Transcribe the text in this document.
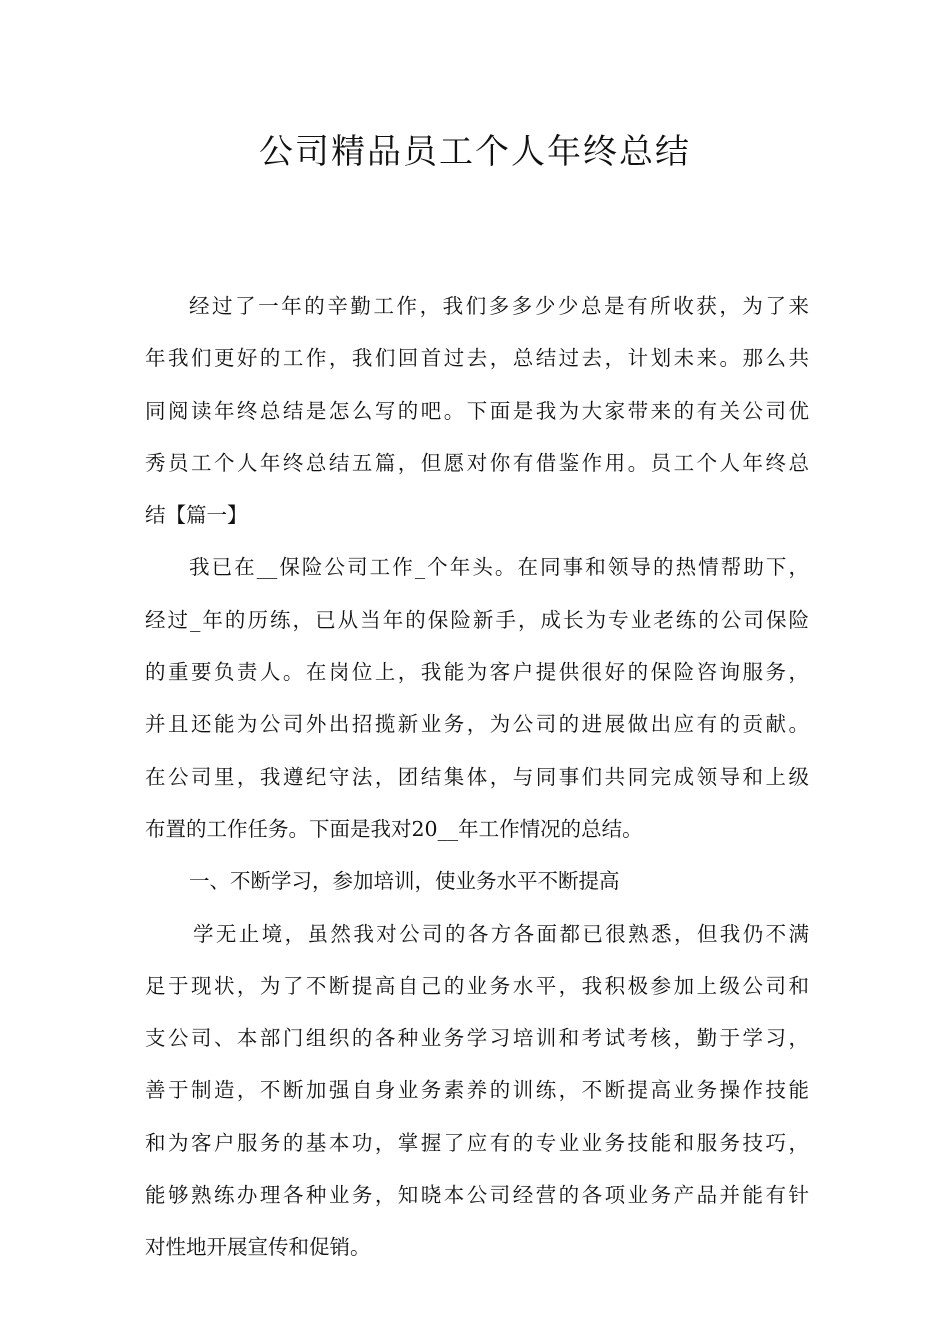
公司精品员工个人年终总结
经过了一年的辛勤工作，我们多多少少总是有所收获，为了来
年我们更好的工作，我们回首过去，总结过去，计划未来。那么共
同阅读年终总结是怎么写的吧。下面是我为大家带来的有关公司优
秀员工个人年终总结五篇，但愿对你有借鉴作用。员工个人年终总
结【篇一】
我已在__保险公司工作_个年头。在同事和领导的热情帮助下，
经过_年的历练，已从当年的保险新手，成长为专业老练的公司保险
的重要负责人。在岗位上，我能为客户提供很好的保险咨询服务，
并且还能为公司外出招揽新业务，为公司的进展做出应有的贡献。
在公司里，我遵纪守法，团结集体，与同事们共同完成领导和上级
布置的工作任务。下面是我对20__年工作情况的总结。
一、不断学习，参加培训，使业务水平不断提高
学无止境，虽然我对公司的各方各面都已很熟悉，但我仍不满
足于现状，为了不断提高自己的业务水平，我积极参加上级公司和
支公司、本部门组织的各种业务学习培训和考试考核，勤于学习，
善于制造，不断加强自身业务素养的训练，不断提高业务操作技能
和为客户服务的基本功，掌握了应有的专业业务技能和服务技巧，
能够熟练办理各种业务，知晓本公司经营的各项业务产品并能有针
对性地开展宣传和促销。
